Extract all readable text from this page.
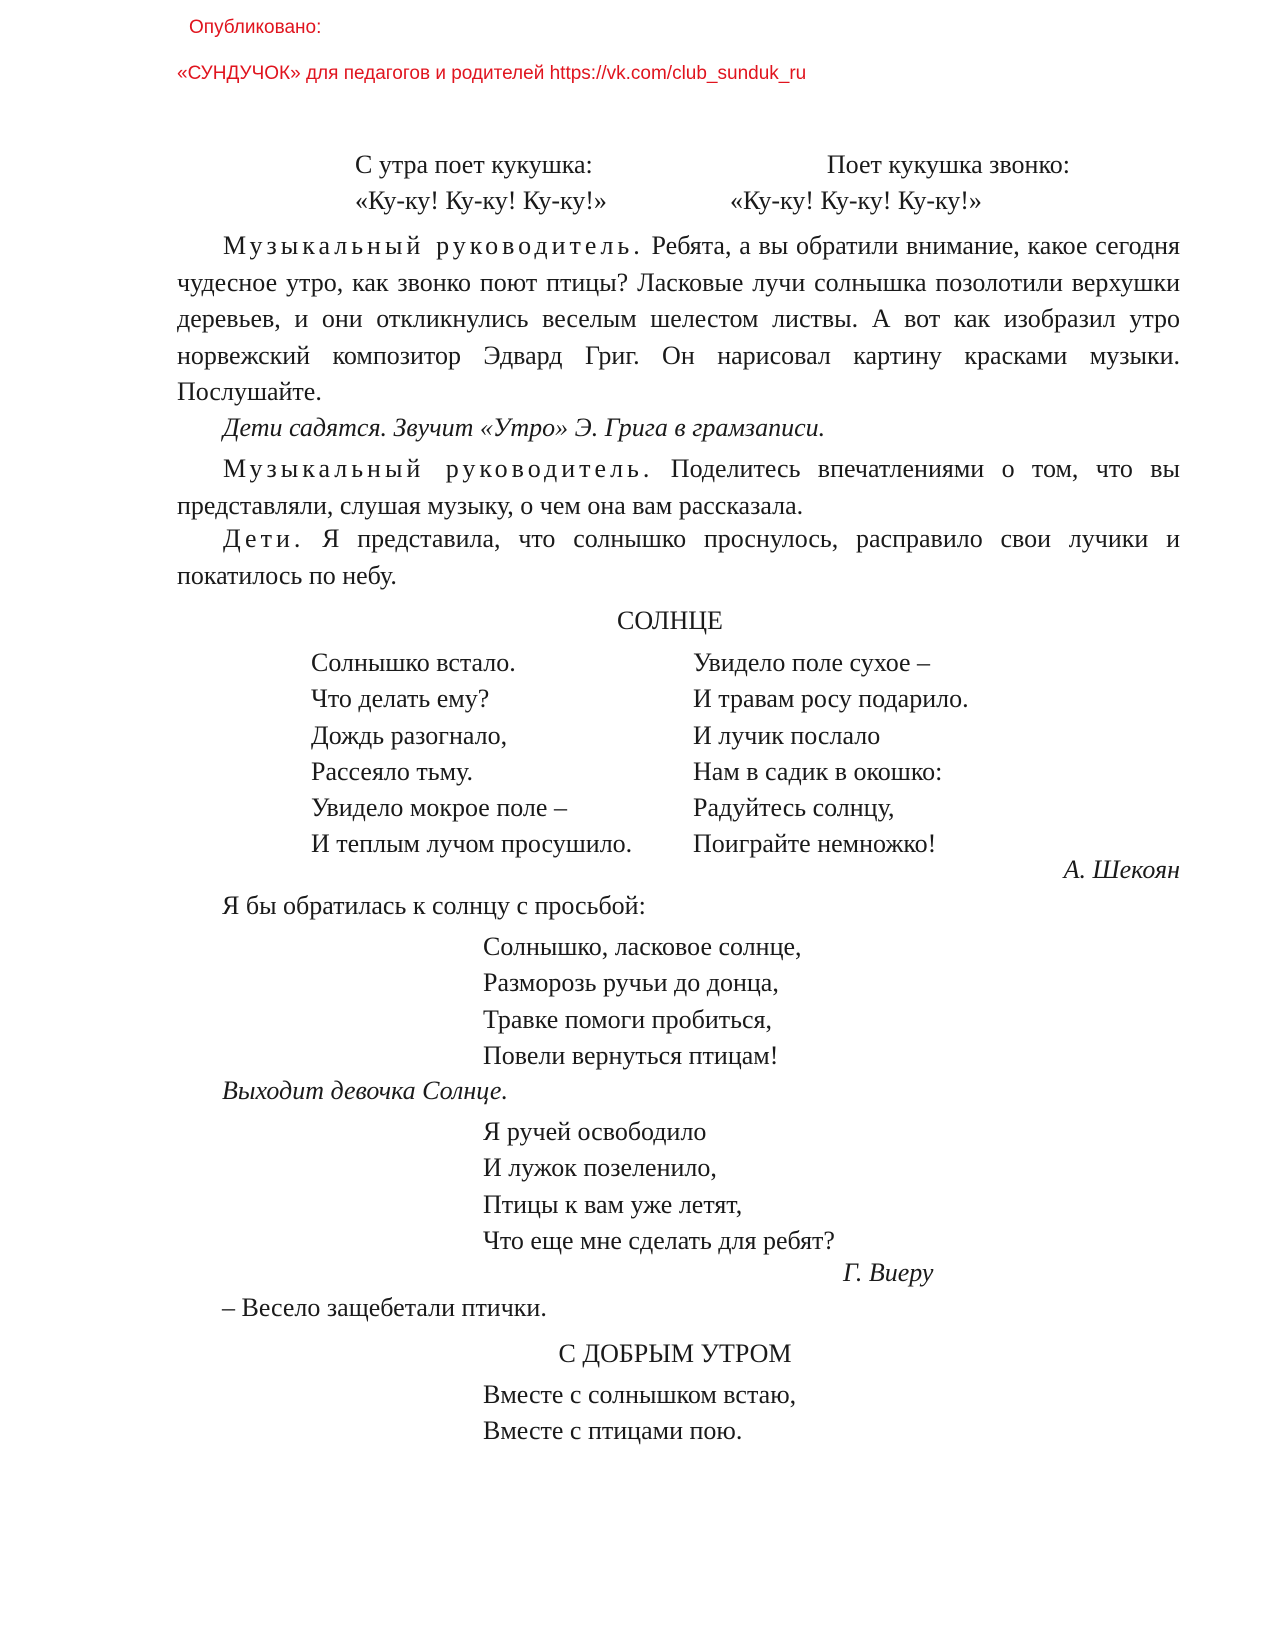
Опубликовано:
«СУНДУЧОК» для педагогов и родителей https://vk.com/club_sunduk_ru
С утра поет кукушка:
«Ку-ку! Ку-ку! Ку-ку!»
Поет кукушка звонко:
«Ку-ку! Ку-ку! Ку-ку!»
Музыкальный руководитель. Ребята, а вы обратили внимание, какое сегодня чудесное утро, как звонко поют птицы? Ласковые лучи солнышка позолотили верхушки деревьев, и они откликнулись веселым шелестом листвы. А вот как изобразил утро норвежский композитор Эдвард Григ. Он нарисовал картину красками музыки. Послушайте.
Дети садятся. Звучит «Утро» Э. Грига в грамзаписи.
Музыкальный руководитель. Поделитесь впечатлениями о том, что вы представляли, слушая музыку, о чем она вам рассказала.
Дети. Я представила, что солнышко проснулось, расправило свои лучики и покатилось по небу.
СОЛНЦЕ
Солнышко встало.
Что делать ему?
Дождь разогнало,
Рассеяло тьму.
Увидело мокрое поле –
И теплым лучом просушило.
Увидело поле сухое –
И травам росу подарило.
И лучик послало
Нам в садик в окошко:
Радуйтесь солнцу,
Поиграйте немножко!
А. Шекоян
Я бы обратилась к солнцу с просьбой:
Солнышко, ласковое солнце,
Разморозь ручьи до донца,
Травке помоги пробиться,
Повели вернуться птицам!
Выходит девочка Солнце.
Я ручей освободило
И лужок позеленило,
Птицы к вам уже летят,
Что еще мне сделать для ребят?
Г. Виеру
– Весело защебетали птички.
С ДОБРЫМ УТРОМ
Вместе с солнышком встаю,
Вместе с птицами пою.
